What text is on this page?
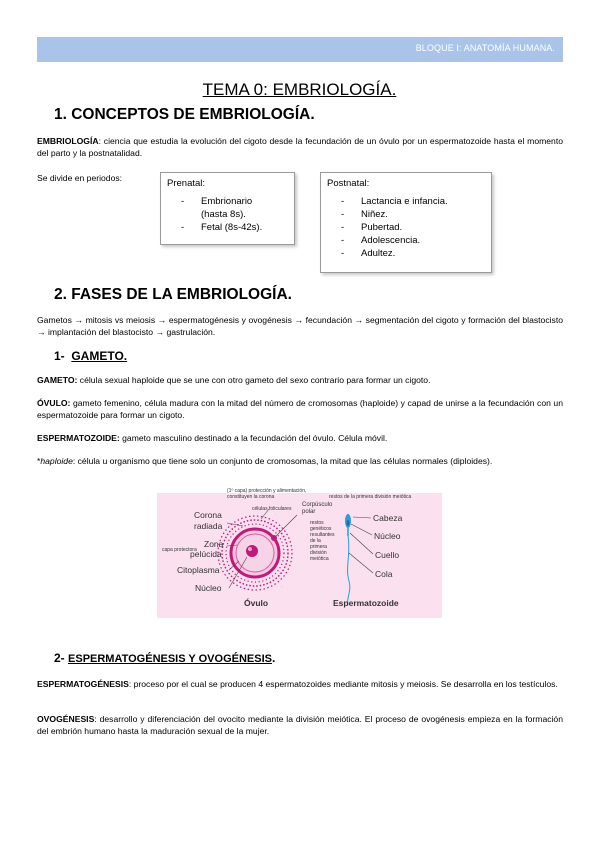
BLOQUE I: ANATOMÍA HUMANA.
TEMA 0: EMBRIOLOGÍA.
1. CONCEPTOS DE EMBRIOLOGÍA.
EMBRIOLOGÍA: ciencia que estudia la evolución del cigoto desde la fecundación de un óvulo por un espermatozoide hasta el momento del parto y la postnatalidad.
Se divide en periodos:	Prenatal:
- Embrionario
(hasta 8s).
- Fetal (8s-42s).
Postnatal:
- Lactancia e infancia.
- Niñez.
- Pubertad.
- Adolescencia.
- Adultez.
2. FASES DE LA EMBRIOLOGÍA.
Gametos → mitosis vs meiosis → espermatogénesis y ovogénesis → fecundación → segmentación del cigoto y formación del blastocisto → implantación del blastocisto → gastrulación.
1- GAMETO.
GAMETO: célula sexual haploide que se une con otro gameto del sexo contrario para formar un cigoto.
ÓVULO: gameto femenino, célula madura con la mitad del número de cromosomas (haploide) y capad de unirse a la fecundación con un espermatozoide para formar un cigoto.
ESPERMATOZOIDE: gameto masculino destinado a la fecundación del óvulo. Célula móvil.
*haploide: célula u organismo que tiene solo un conjunto de cromosomas, la mitad que las células normales (diploides).
(1º capa) protección y alimentación,
constituyen la corona
células foliculares
Corona
radiada
Zona
capa protectora
pelúcida
Citoplasma
Núcleo
Óvulo
Corpúsculo
polar
restos de la primera división meiótica
restos
genéticos
resultantes
de la
primera
división
meiótica
Cabeza
Núcleo
Cuello
Cola
Espermatozoide
2- ESPERMATOGÉNESIS Y OVOGÉNESIS.
ESPERMATOGÉNESIS: proceso por el cual se producen 4 espermatozoides mediante mitosis y meiosis. Se desarrolla en los testículos.
OVOGÉNESIS: desarrollo y diferenciación del ovocito mediante la división meiótica. El proceso de ovogénesis empieza en la formación del embrión humano hasta la maduración sexual de la mujer.
